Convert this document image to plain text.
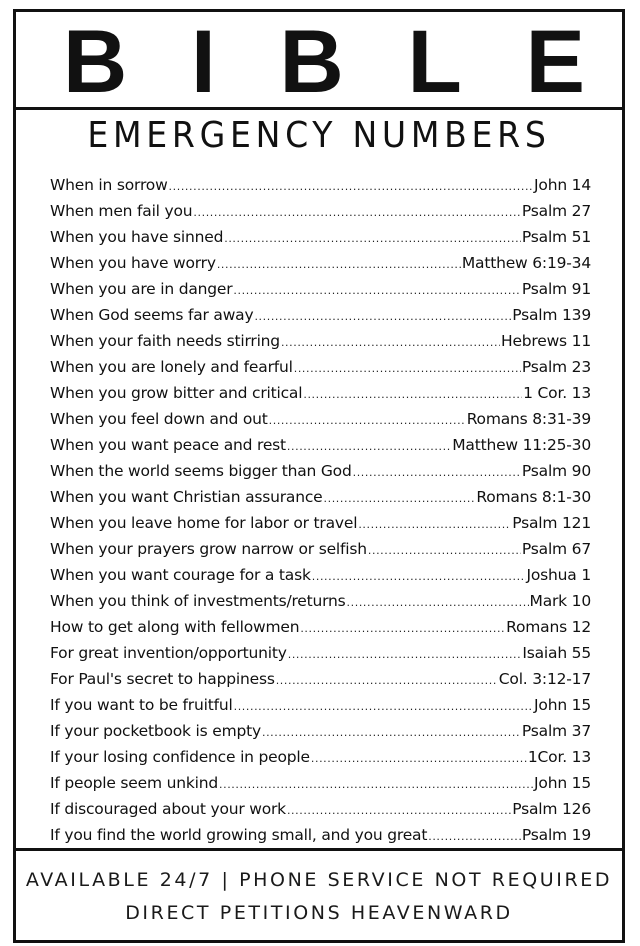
B I B L E
EMERGENCY NUMBERS
When in sorrow .....	John 14
When men fail you .....	Psalm 27
When you have sinned .....	Psalm 51
When you have worry .....	Matthew 6:19-34
When you are in danger .....	Psalm 91
When God seems far away .....	Psalm 139
When your faith needs stirring .....	Hebrews 11
When you are lonely and fearful .....	Psalm 23
When you grow bitter and critical .....	1 Cor. 13
When you feel down and out .....	Romans 8:31-39
When you want peace and rest .....	Matthew 11:25-30
When the world seems bigger than God .....	Psalm 90
When you want Christian assurance .....	Romans 8:1-30
When you leave home for labor or travel .....	Psalm 121
When your prayers grow narrow or selfish .....	Psalm 67
When you want courage for a task .....	Joshua 1
When you think of investments/returns .....	Mark 10
How to get along with fellowmen .....	Romans 12
For great invention/opportunity .....	Isaiah 55
For Paul's secret to happiness .....	Col. 3:12-17
If you want to be fruitful .....	John 15
If your pocketbook is empty .....	Psalm 37
If your losing confidence in people .....	1Cor. 13
If people seem unkind .....	John 15
If discouraged about your work .....	Psalm 126
If you find the world growing small, and you great .....	Psalm 19
AVAILABLE 24/7 | PHONE SERVICE NOT REQUIRED
DIRECT PETITIONS HEAVENWARD
